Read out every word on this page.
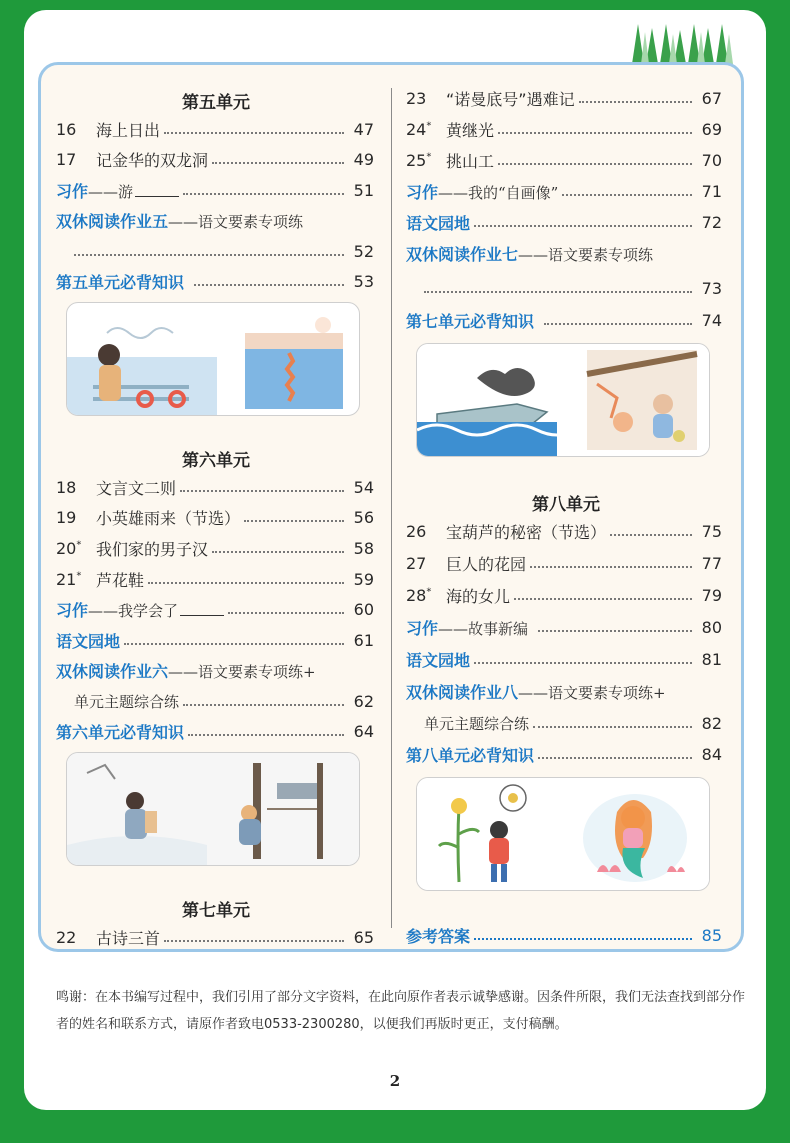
第五单元
16	海上日出	47
17	记金华的双龙洞	49
习作——游	51
双休阅读作业五——语文要素专项练
52
第五单元必背知识	53
第六单元
18	文言文二则	54
19	小英雄雨来（节选）	56
20* 我们家的男子汉	58
21* 芦花鞋	59
习作——我学会了	60
语文园地	61
双休阅读作业六——语文要素专项练+
单元主题综合练	62
第六单元必背知识	64
第七单元
22	古诗三首	65
23	“诺曼底号”遇难记	67
24* 黄继光	69
25* 挑山工	70
习作——我的“自画像”	71
语文园地	72
双休阅读作业七——语文要素专项练
73
第七单元必背知识	74
第八单元
26	宝葫芦的秘密（节选）	75
27	巨人的花园	77
28* 海的女儿	79
习作——故事新编	80
语文园地	81
双休阅读作业八——语文要素专项练+
单元主题综合练	82
第八单元必背知识	84
参考答案	85
鸣谢：在本书编写过程中，我们引用了部分文字资料，在此向原作者表示诚挚感谢。因条件所限，我们无法查找到部分作者的姓名和联系方式，请原作者致电0533-2300280，以便我们再版时更正，支付稿酬。
2
